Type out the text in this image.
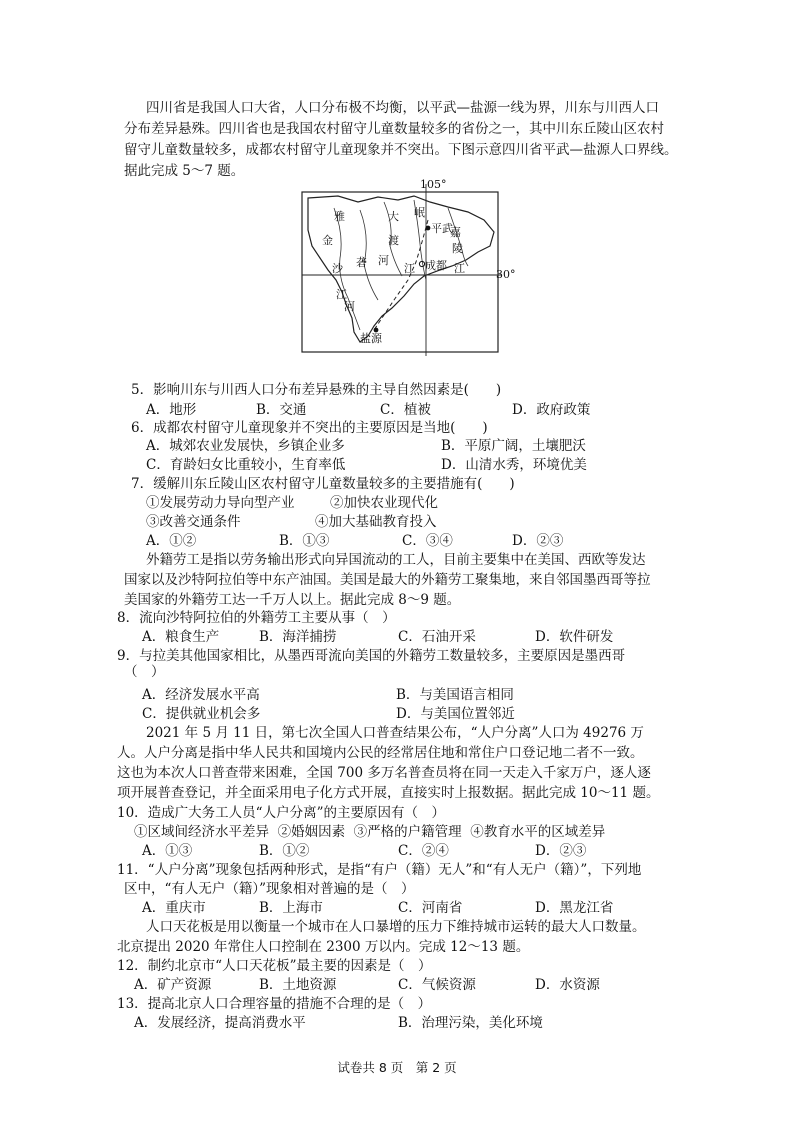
四川省是我国人口大省，人口分布极不均衡，以平武—盐源一线为界，川东与川西人口
分布差异悬殊。四川省也是我国农村留守儿童数量较多的省份之一，其中川东丘陵山区农村
留守儿童数量较多，成都农村留守儿童现象并不突出。下图示意四川省平武—盐源人口界线。
据此完成 5～7 题。
105°
30°
平武
成都
盐源
雅
金
沙
江
砻
河
河
大 岷
渡
江
嘉
陵
江
5．影响川东与川西人口分布差异悬殊的主导自然因素是(　　)
A．地形	B．交通	C．植被	D．政府政策
6．成都农村留守儿童现象并不突出的主要原因是当地(　　)
A．城郊农业发展快，乡镇企业多	B．平原广阔，土壤肥沃
C．育龄妇女比重较小，生育率低	D．山清水秀，环境优美
7．缓解川东丘陵山区农村留守儿童数量较多的主要措施有(　　)
①发展劳动力导向型产业	②加快农业现代化
③改善交通条件	④加大基础教育投入
A．①②	B．①③	C．③④	D．②③
外籍劳工是指以劳务输出形式向异国流动的工人，目前主要集中在美国、西欧等发达
国家以及沙特阿拉伯等中东产油国。美国是最大的外籍劳工聚集地，来自邻国墨西哥等拉
美国家的外籍劳工达一千万人以上。据此完成 8～9 题。
8．流向沙特阿拉伯的外籍劳工主要从事（　）
A．粮食生产	B．海洋捕捞	C．石油开采	D．软件研发
9．与拉美其他国家相比，从墨西哥流向美国的外籍劳工数量较多，主要原因是墨西哥
（　）
A．经济发展水平高	B．与美国语言相同
C．提供就业机会多	D．与美国位置邻近
2021 年 5 月 11 日，第七次全国人口普查结果公布，“人户分离”人口为 49276 万
人。人户分离是指中华人民共和国境内公民的经常居住地和常住户口登记地二者不一致。
这也为本次人口普查带来困难，全国 700 多万名普查员将在同一天走入千家万户，逐人逐
项开展普查登记，并全面采用电子化方式开展，直接实时上报数据。据此完成 10～11 题。
10．造成广大务工人员“人户分离”的主要原因有（　）
①区域间经济水平差异  ②婚姻因素  ③严格的户籍管理  ④教育水平的区域差异
A．①③	B．①②	C．②④	D．②③
11．“人户分离”现象包括两种形式，是指“有户（籍）无人”和“有人无户（籍）”，下列地
区中，“有人无户（籍）”现象相对普遍的是（　）
A．重庆市	B．上海市	C．河南省	D．黑龙江省
人口天花板是用以衡量一个城市在人口暴增的压力下维持城市运转的最大人口数量。
北京提出 2020 年常住人口控制在 2300 万以内。完成 12～13 题。
12．制约北京市“人口天花板”最主要的因素是（　）
A．矿产资源	B．土地资源	C．气候资源	D．水资源
13．提高北京人口合理容量的措施不合理的是（　）
A．发展经济，提高消费水平	B．治理污染，美化环境
试卷共 8 页　第 2 页
